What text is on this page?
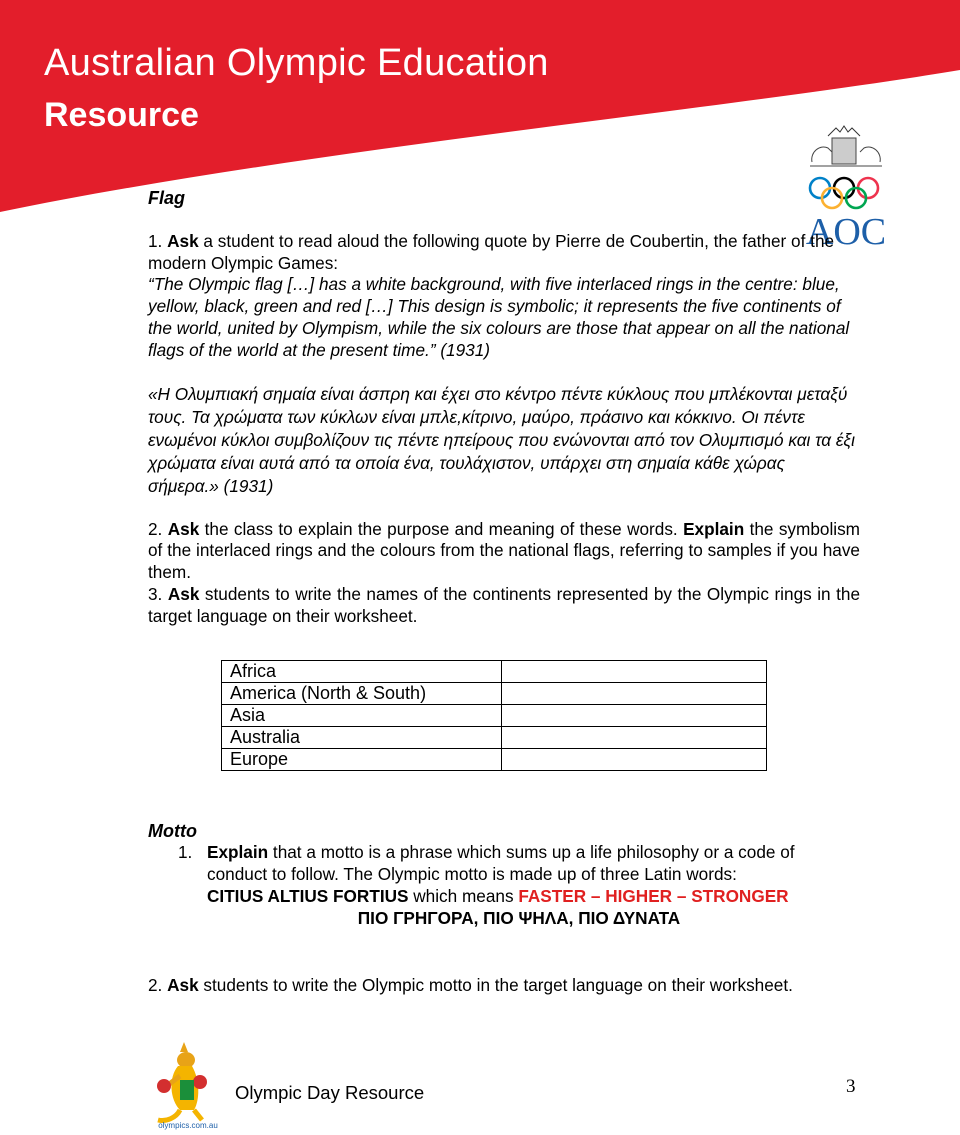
Australian Olympic Education
Resource
AOC

Flag

1. Ask a student to read aloud the following quote by Pierre de Coubertin, the father of the modern Olympic Games:

“The Olympic flag […] has a white background, with five interlaced rings in the centre: blue, yellow, black, green and red […] This design is symbolic; it represents the five continents of the world, united by Olympism, while the six colours are those that appear on all the national flags of the world at the present time.” (1931)

«Η Ολυμπιακή σημαία είναι άσπρη και έχει στο κέντρο πέντε κύκλους που μπλέκονται μεταξύ τους. Τα χρώματα των κύκλων είναι μπλε,κίτρινο, μαύρο, πράσινο και κόκκινο. Οι πέντε ενωμένοι κύκλοι συμβολίζουν τις πέντε ηπείρους που ενώνονται από τον Ολυμπισμό και τα έξι χρώματα είναι αυτά από τα οποία ένα, τουλάχιστον, υπάρχει στη σημαία κάθε χώρας σήμερα.» (1931)

2. Ask the class to explain the purpose and meaning of these words. Explain the symbolism of the interlaced rings and the colours from the national flags, referring to samples if you have them.

3. Ask students to write the names of the continents represented by the Olympic rings in the target language on their worksheet.

Africa	
America (North & South)	
Asia	
Australia	
Europe	

Motto

1. Explain that a motto is a phrase which sums up a life philosophy or a code of conduct to follow. The Olympic motto is made up of three Latin words:
CITIUS ALTIUS FORTIUS which means FASTER – HIGHER – STRONGER

ΠΙΟ ΓΡΗΓΟΡΑ, ΠΙΟ ΨΗΛΑ, ΠΙΟ ΔΥΝΑΤΑ

2. Ask students to write the Olympic motto in the target language on their worksheet.

olympics.com.au
Olympic Day Resource	3
